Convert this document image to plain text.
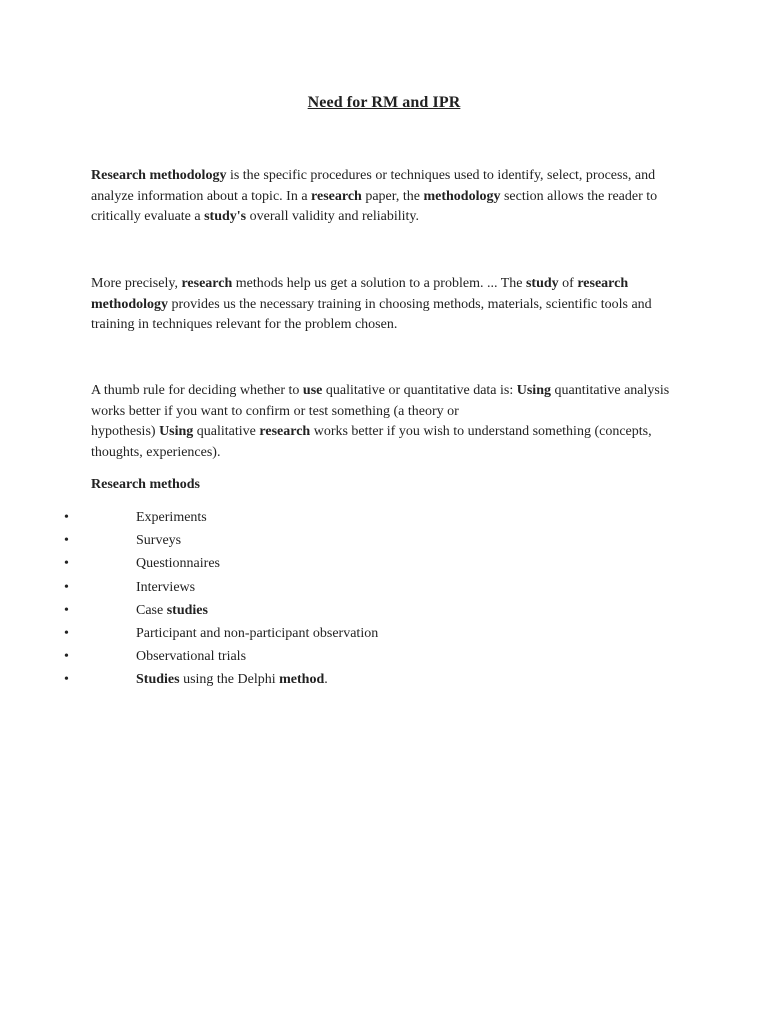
Need for RM and IPR

Research methodology is the specific procedures or techniques used to identify, select, process, and analyze information about a topic. In a research paper, the methodology section allows the reader to critically evaluate a study's overall validity and reliability.

More precisely, research methods help us get a solution to a problem. ... The study of research methodology provides us the necessary training in choosing methods, materials, scientific tools and training in techniques relevant for the problem chosen.

A thumb rule for deciding whether to use qualitative or quantitative data is: Using quantitative analysis works better if you want to confirm or test something (a theory or
hypothesis) Using qualitative research works better if you wish to understand something (concepts, thoughts, experiences).

Research methods

•	Experiments
•	Surveys
•	Questionnaires
•	Interviews
•	Case studies
•	Participant and non-participant observation
•	Observational trials
•	Studies using the Delphi method.
